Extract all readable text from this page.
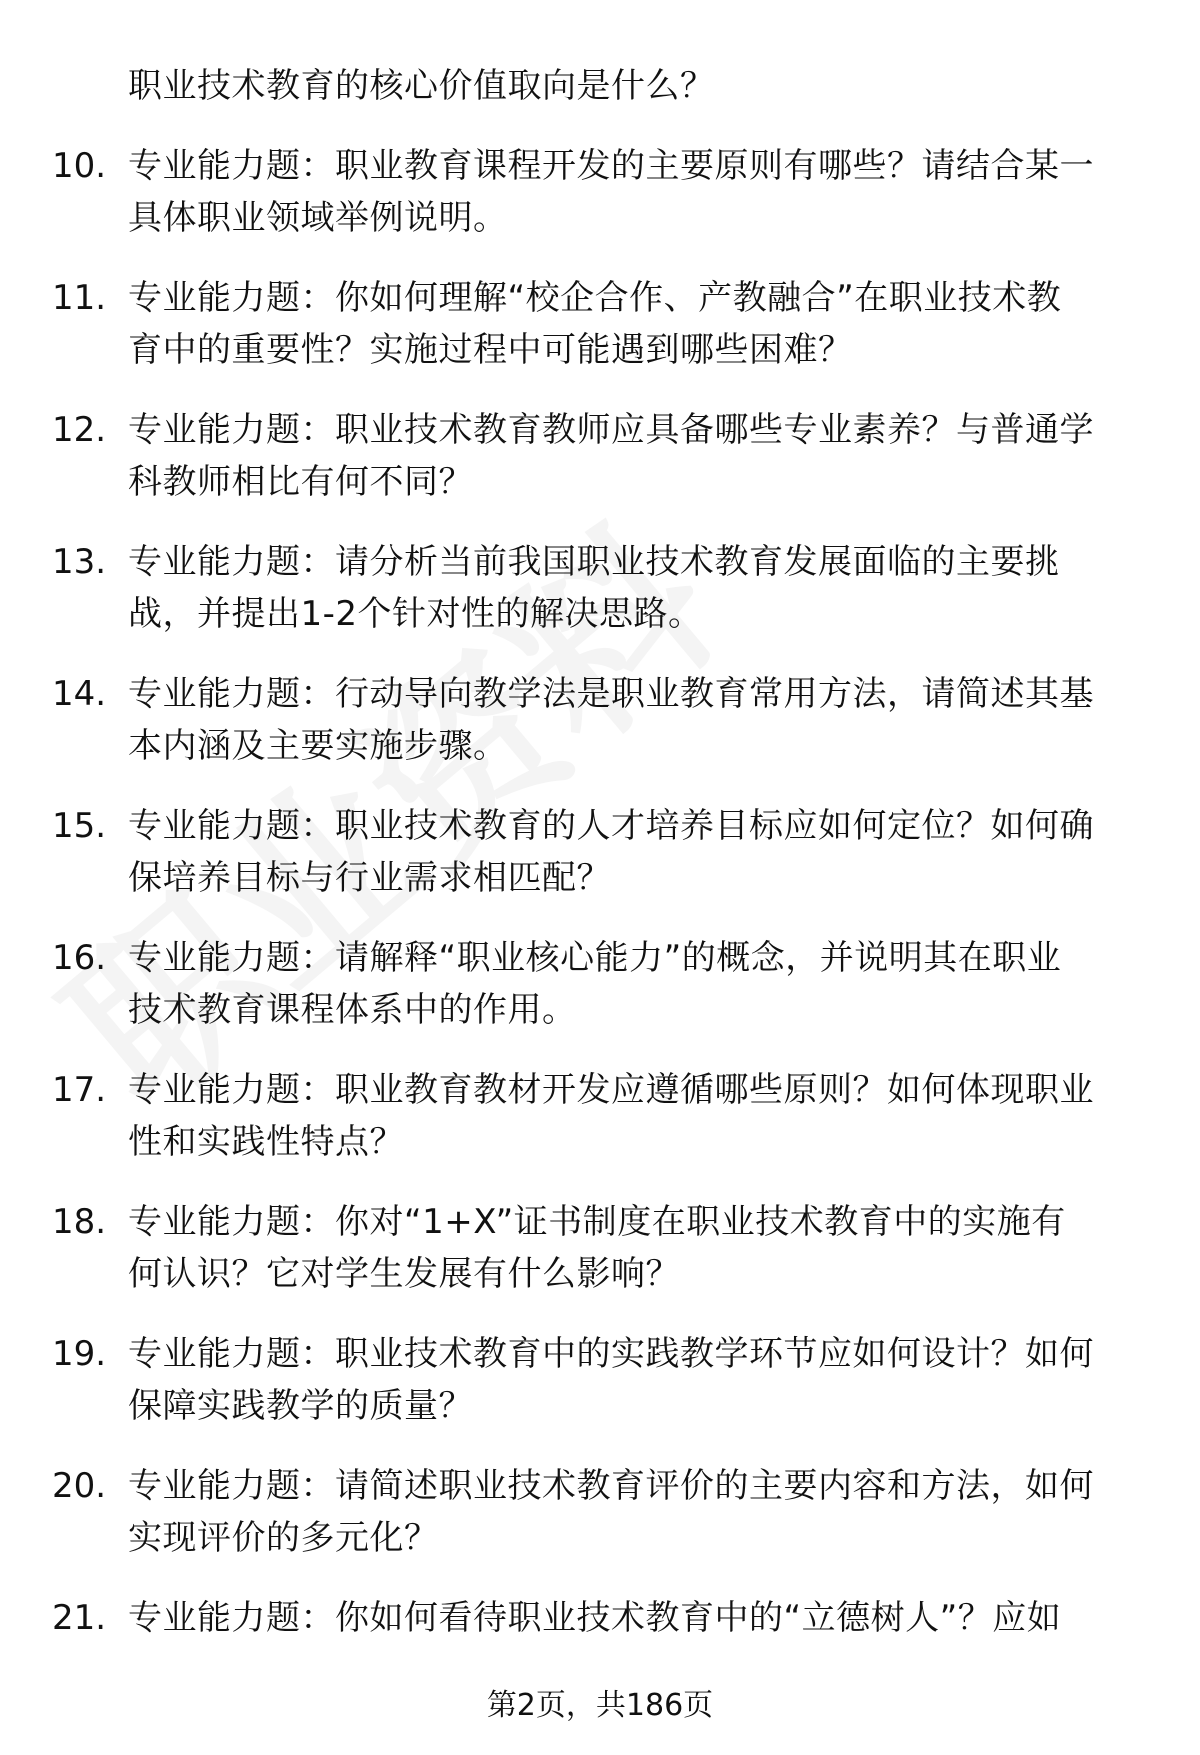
职业技术教育的核心价值取向是什么？
10. 专业能力题：职业教育课程开发的主要原则有哪些？请结合某一
具体职业领域举例说明。
11. 专业能力题：你如何理解“校企合作、产教融合”在职业技术教
育中的重要性？实施过程中可能遇到哪些困难？
12. 专业能力题：职业技术教育教师应具备哪些专业素养？与普通学
科教师相比有何不同？
13. 专业能力题：请分析当前我国职业技术教育发展面临的主要挑
战，并提出1-2个针对性的解决思路。
14. 专业能力题：行动导向教学法是职业教育常用方法，请简述其基
本内涵及主要实施步骤。
15. 专业能力题：职业技术教育的人才培养目标应如何定位？如何确
保培养目标与行业需求相匹配？
16. 专业能力题：请解释“职业核心能力”的概念，并说明其在职业
技术教育课程体系中的作用。
17. 专业能力题：职业教育教材开发应遵循哪些原则？如何体现职业
性和实践性特点？
18. 专业能力题：你对“1+X”证书制度在职业技术教育中的实施有
何认识？它对学生发展有什么影响？
19. 专业能力题：职业技术教育中的实践教学环节应如何设计？如何
保障实践教学的质量？
20. 专业能力题：请简述职业技术教育评价的主要内容和方法，如何
实现评价的多元化？
21. 专业能力题：你如何看待职业技术教育中的“立德树人”？应如
第2页，共186页
